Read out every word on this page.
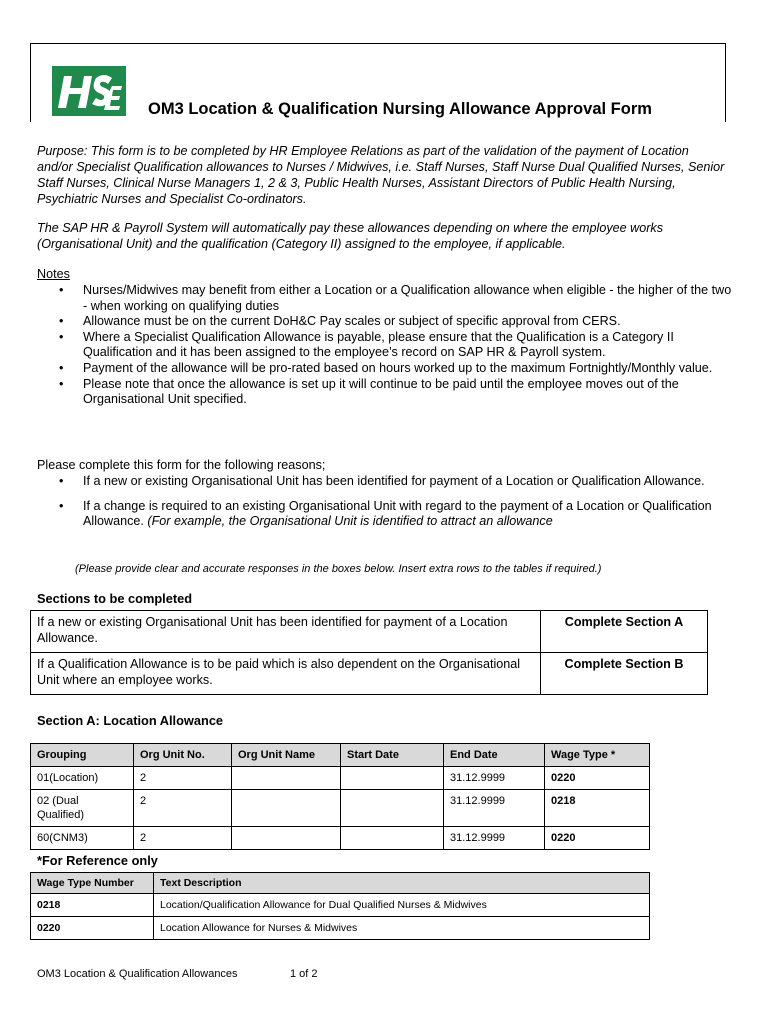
OM3 Location & Qualification Nursing Allowance Approval Form
Purpose: This form is to be completed by HR Employee Relations as part of the validation of the payment of Location and/or Specialist Qualification allowances to Nurses / Midwives, i.e. Staff Nurses, Staff Nurse Dual Qualified Nurses, Senior Staff Nurses, Clinical Nurse Managers 1, 2 & 3, Public Health Nurses, Assistant Directors of Public Health Nursing, Psychiatric Nurses and Specialist Co-ordinators.
The SAP HR & Payroll System will automatically pay these allowances depending on where the employee works (Organisational Unit) and the qualification (Category II) assigned to the employee, if applicable.
Notes
• Nurses/Midwives may benefit from either a Location or a Qualification allowance when eligible - the higher of the two - when working on qualifying duties
• Allowance must be on the current DoH&C Pay scales or subject of specific approval from CERS.
• Where a Specialist Qualification Allowance is payable, please ensure that the Qualification is a Category II Qualification and it has been assigned to the employee’s record on SAP HR & Payroll system.
• Payment of the allowance will be pro-rated based on hours worked up to the maximum Fortnightly/Monthly value.
• Please note that once the allowance is set up it will continue to be paid until the employee moves out of the Organisational Unit specified.
Please complete this form for the following reasons;
• If a new or existing Organisational Unit has been identified for payment of a Location or Qualification Allowance.
• If a change is required to an existing Organisational Unit with regard to the payment of a Location or Qualification Allowance. (For example, the Organisational Unit is identified to attract an allowance
(Please provide clear and accurate responses in the boxes below. Insert extra rows to the tables if required.)
Sections to be completed
If a new or existing Organisational Unit has been identified for payment of a Location Allowance.	Complete Section A
If a Qualification Allowance is to be paid which is also dependent on the Organisational Unit where an employee works.	Complete Section B
Section A: Location Allowance
Grouping	Org Unit No.	Org Unit Name	Start Date	End Date	Wage Type *
01(Location)	2			31.12.9999	0220
02 (Dual Qualified)	2			31.12.9999	0218
60(CNM3)	2			31.12.9999	0220
*For Reference only
Wage Type Number	Text Description
0218	Location/Qualification Allowance for Dual Qualified Nurses & Midwives
0220	Location Allowance for Nurses & Midwives
OM3 Location & Qualification Allowances	1 of 2
